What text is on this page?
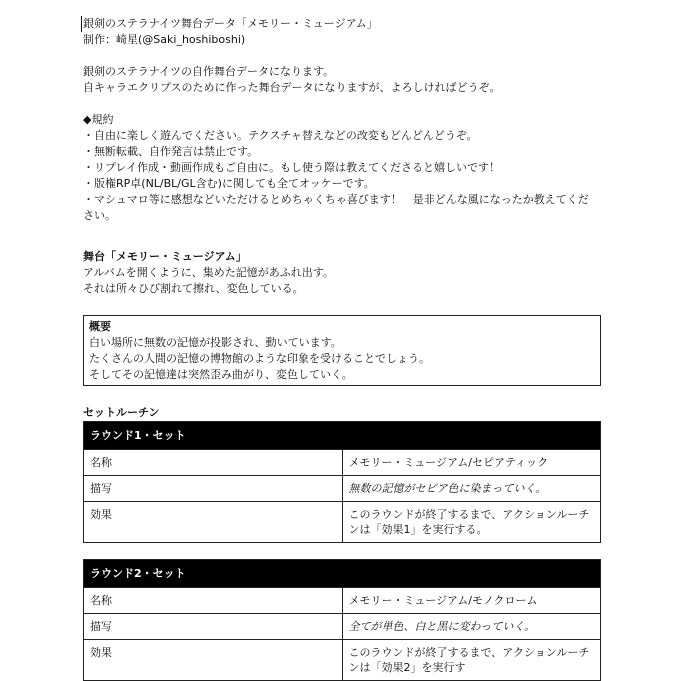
銀剣のステラナイツ舞台データ「メモリー・ミュージアム」
制作：崎星(@Saki_hoshiboshi)
銀剣のステラナイツの自作舞台データになります。
自キャラエクリプスのために作った舞台データになりますが、よろしければどうぞ。
◆規約
・自由に楽しく遊んでください。テクスチャ替えなどの改変もどんどんどうぞ。
・無断転載、自作発言は禁止です。
・リプレイ作成・動画作成もご自由に。もし使う際は教えてくださると嬉しいです！
・版権RP卓(NL/BL/GL含む)に関しても全てオッケーです。
・マシュマロ等に感想などいただけるとめちゃくちゃ喜びます！　是非どんな風になったか教えてくだ
さい。
舞台「メモリー・ミュージアム」
アルバムを開くように、集めた記憶があふれ出す。
それは所々ひび割れて擦れ、変色している。
概要
白い場所に無数の記憶が投影され、動いています。
たくさんの人間の記憶の博物館のような印象を受けることでしょう。
そしてその記憶達は突然歪み曲がり、変色していく。
セットルーチン
ラウンド1・セット	
名称	メモリー・ミュージアム/セピアティック
描写	無数の記憶がセピア色に染まっていく。
効果	このラウンドが終了するまで、アクションルーチンは「効果1」を実行する。
ラウンド2・セット	
名称	メモリー・ミュージアム/モノクローム
描写	全てが単色、白と黒に変わっていく。
効果	このラウンドが終了するまで、アクションルーチンは「効果2」を実行す
